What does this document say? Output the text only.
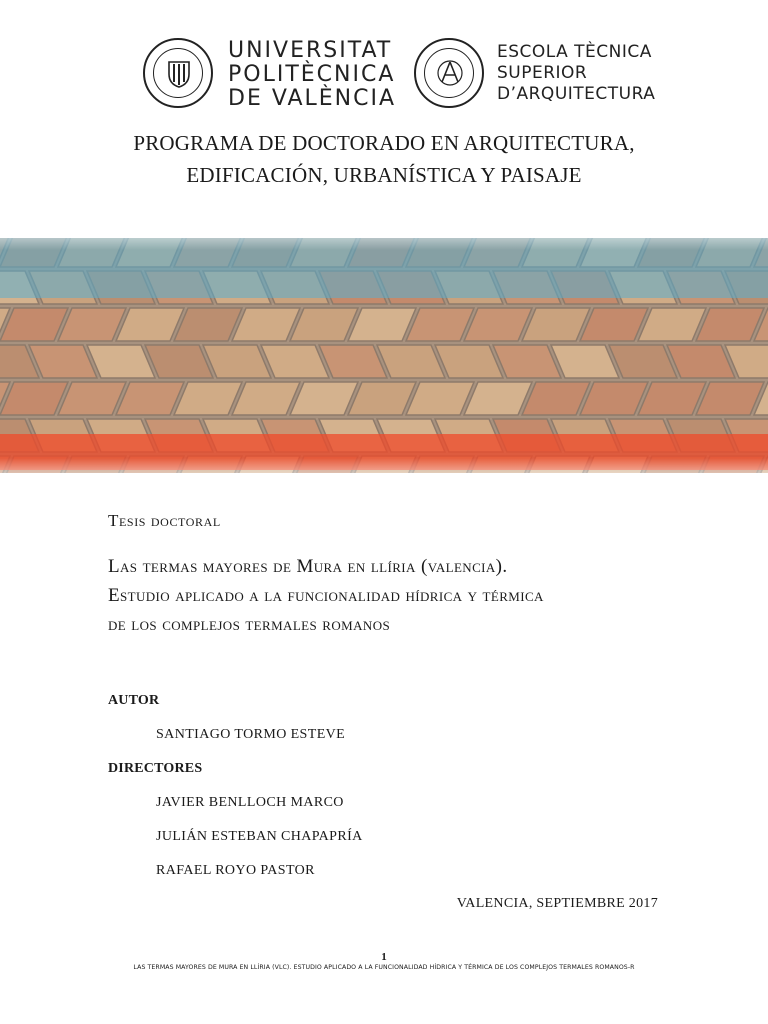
UNIVERSITAT
POLITÈCNICA
DE VALÈNCIA
ESCOLA TÈCNICA
SUPERIOR
D’ARQUITECTURA
PROGRAMA DE DOCTORADO EN ARQUITECTURA,
EDIFICACIÓN, URBANÍSTICA Y PAISAJE
Tesis doctoral
Las termas mayores de Mura en llíria (valencia).
Estudio aplicado a la funcionalidad hídrica y térmica
de los complejos termales romanos
AUTOR
SANTIAGO TORMO ESTEVE
DIRECTORES
JAVIER BENLLOCH MARCO
JULIÁN ESTEBAN CHAPAPRÍA
RAFAEL ROYO PASTOR
VALENCIA, SEPTIEMBRE 2017
1
LAS TERMAS MAYORES DE MURA EN LLÍRIA (VLC). ESTUDIO APLICADO A LA FUNCIONALIDAD HÍDRICA Y TÉRMICA DE LOS COMPLEJOS TERMALES ROMANOS-R
